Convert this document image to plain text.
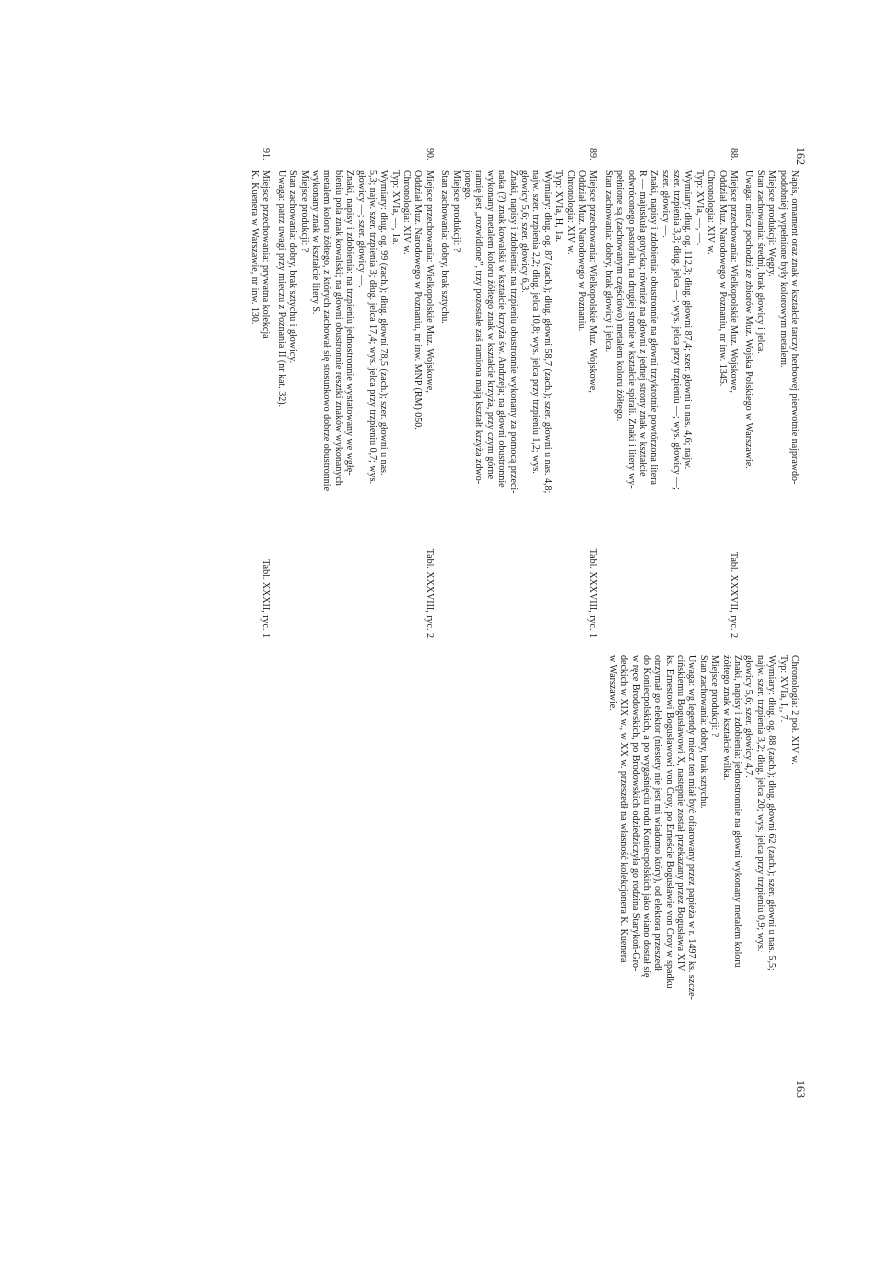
162
163
Napis, ornament oraz znak w kształcie tarczy herbowej pierwotnie najprawdo-
podobniej wypełnione były kolorowym metalem.
Miejsce produkcji: Węgry.
Stan zachowania: średni, brak głowicy i jelca.
Uwaga: miecz pochodzi ze zbiorów Muz. Wojska Polskiego w Warszawie.
88.Miejsce przechowania: Wielkopolskie Muz. Wojskowe,
Tabl. XXXVII, ryc. 2
Oddział Muz. Narodowego w Poznaniu, nr inw. 1345.
Chronologia: XIV w.
Typ: XVIa, —, —.
Wymiary: dług. og. 112,3; dług. głowni 87,4; szer. głowni u nas. 4,6; najw.
szer. trzpienia 3,3; dług. jelca —; wys. jelca przy trzpieniu —; wys. głowicy —;
szer. głowicy —.
Znaki, napisy i zdobienia: obustronnie na głowni trzykrotnie powtórzona litera
R — majuskuła gotycka; również na głowni z jednej strony znak w kształcie
odwróconego pastorału, na drugiej stronie w kształcie spirali. Znaki i litery wy-
pełnione są (zachowanym częściowo) metalem koloru żółtego.
Stan zachowania: dobry, brak głowicy i jelca.
89.Miejsce przechowania: Wielkopolskie Muz. Wojskowe,
Tabl. XXXVIII, ryc. 1
Oddział Muz. Narodowego w Poznaniu.
Chronologia: XIV w.
Typ: XVIa, H, 1a.
Wymiary: dług. og. 87 (zach.); dług. głowni 58,7 (zach.); szer. głowni u nas. 4,8;
najw. szer. trzpienia 2,2; dług. jelca 10,8; wys. jelca przy trzpieniu 1,2; wys.
głowicy 5,6; szer. głowicy 6,3.
Znaki, napisy i zdobienia: na trzpieniu obustronnie wykonany za pomocą przeci-
naka (?) znak kowalski w kształcie krzyża św. Andrzeja; na głowni obustronnie
wykonany metalem koloru żółtego znak w kształcie krzyża, przy czym górne
ramię jest „rozwidlone”, trzy pozostałe zaś ramiona mają kształt krzyża zdwo-
jonego.
Miejsce produkcji: ?
Stan zachowania: dobry, brak sztychu.
90.Miejsce przechowania: Wielkopolskie Muz. Wojskowe,
Tabl. XXXVIII, ryc. 2
Oddział Muz. Narodowego w Poznaniu, nr inw. MNP (RM) 050.
Chronologia: XIV w.
Typ: XVIa, —, 1a.
Wymiary: dług. og. 99 (zach.); dług. głowni 78,5 (zach.); szer. głowni u nas.
5,3; najw. szer. trzpienia 3; dług. jelca 17,4; wys. jelca przy trzpieniu 0,7; wys.
głowicy —; szer. głowicy —.
Znaki, napisy i zdobienia: na trzpieniu jednostronnie wystatowany we wgłę-
bieniu pola znak kowalski; na głowni obustronnie resztki znaków wykonanych
metalem koloru żółtego, z których zachował się stosunkowo dobrze obustronnie
wykonany znak w kształcie litery S.
Miejsce produkcji: ?
Stan zachowania: dobry, brak sztychu i głowicy.
Uwaga: patrz uwagi przy mieczu z Poznania II (nr kat. 32).
91.Miejsce przechowania: prywatna kolekcja
Tabl. XXXII, ryc. 1
K. Kuenera w Warszawie, nr inw. 130.
Chronologia: 2 poł. XIV w.
Typ: XVIa, I₁, 7.
Wymiary: dług. og. 88 (zach.); dług. głowni 62 (zach.); szer. głowni u nas. 5,5;
najw. szer. trzpienia 3,2; dług. jelca 20; wys. jelca przy trzpieniu 0,9; wys.
głowicy 5,6; szer. głowicy 4,7.
Znaki, napisy i zdobienia: jednostronnie na głowni wykonany metalem koloru
żółtego znak w kształcie wilka.
Miejsce produkcji: ?
Stan zachowania: dobry, brak sztychu.
Uwaga: wg legendy miecz ten miał być ofiarowany przez papieża w r. 1497 ks. szcze-
cińskiemu Bogusławowi X, następnie został przekazany przez Bogusława XIV
ks. Ernestowi Bogusławowi von Croy, po Erneście Bogusławie von Croy w spadku
otrzymał go elektor (niestety nie jest mi wiadomo który), od elektora przeszedł
do Koniecpolskich, a po wygaśnięciu rodu Koniecpolskich jako wiano dostał się
w ręce Brodowskich, po Brodowskich odziedziczyła go rodzina Starykoń-Gro-
deckich w XIX w., w XX w. przeszedł na własność kolekcjonera K. Kuenera
w Warszawie.
